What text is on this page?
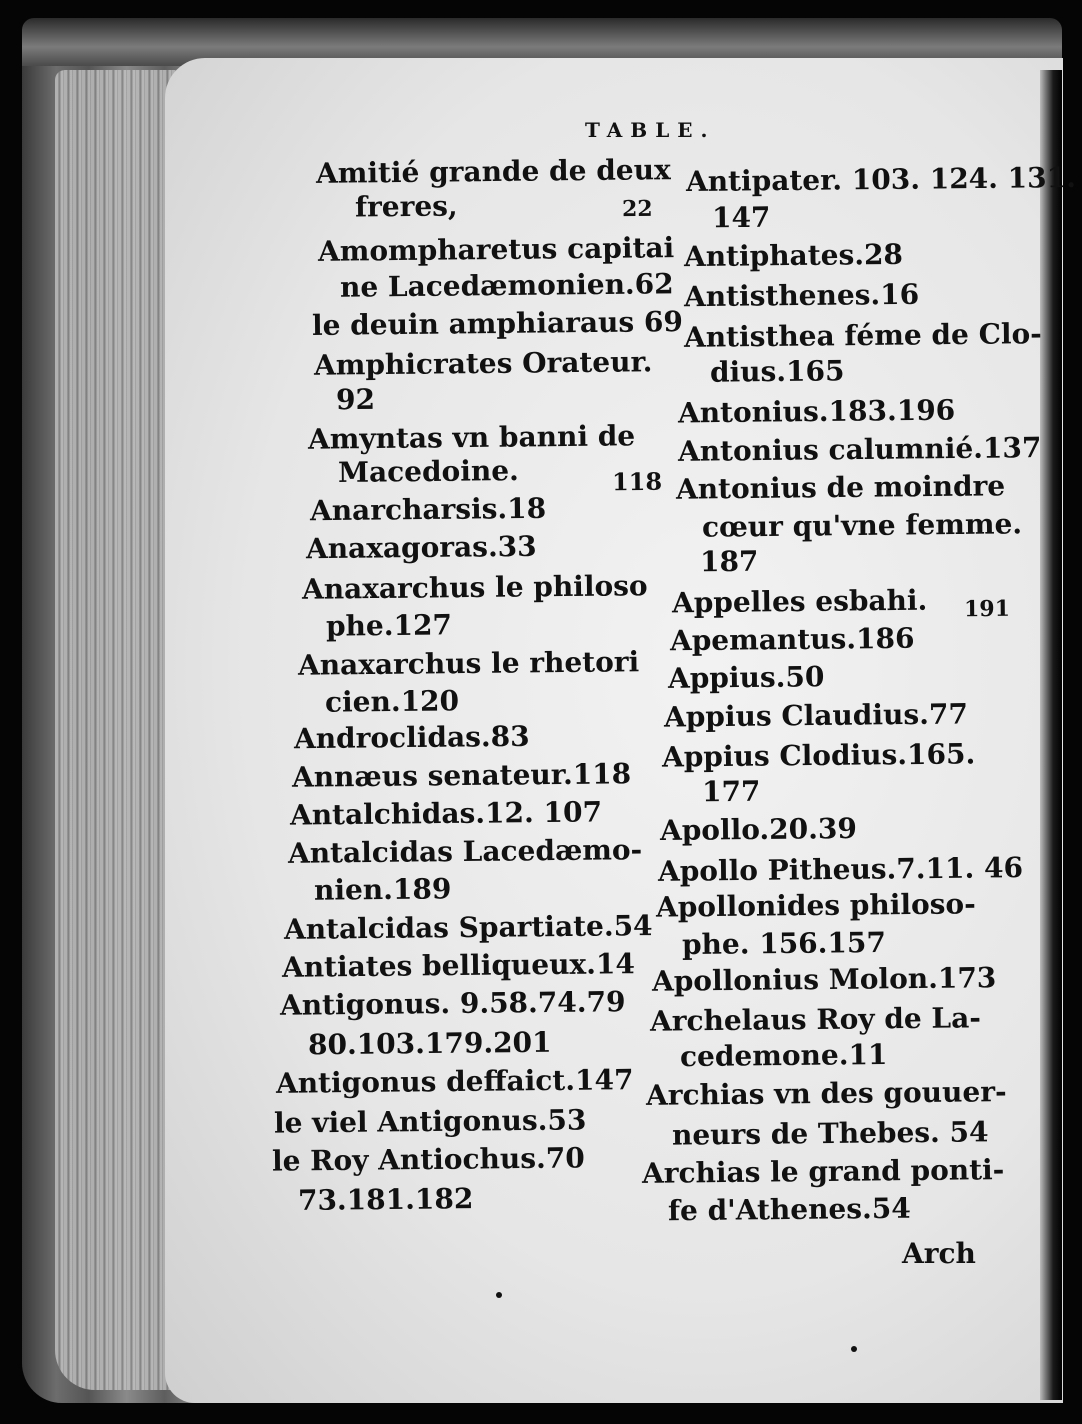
TABLE.
Amitié grande de deux
freres,	22
Amompharetus capitai
ne Lacedæmonien.62
le deuin amphiaraus 69
Amphicrates Orateur.
92
Amyntas vn banni de
Macedoine.	118
Anarcharsis.18
Anaxagoras.33
Anaxarchus le philoso
phe.127
Anaxarchus le rhetori
cien.120
Androclidas.83
Annæus senateur.118
Antalchidas.12. 107
Antalcidas Lacedæmo-
nien.189
Antalcidas Spartiate.54
Antiates belliqueux.14
Antigonus. 9.58.74.79
80.103.179.201
Antigonus deffaict.147
le viel Antigonus.53
le Roy Antiochus.70
73.181.182
Antipater. 103. 124. 131.
147
Antiphates.28
Antisthenes.16
Antisthea féme de Clo-
dius.165
Antonius.183.196
Antonius calumnié.137
Antonius de moindre
cœur qu'vne femme.
187
Appelles esbahi. 191
Apemantus.186
Appius.50
Appius Claudius.77
Appius Clodius.165.
177
Apollo.20.39
Apollo Pitheus.7.11. 46
Apollonides philoso-
phe. 156.157
Apollonius Molon.173
Archelaus Roy de La-
cedemone.11
Archias vn des gouuer-
neurs de Thebes. 54
Archias le grand ponti-
fe d'Athenes.54
Arch
